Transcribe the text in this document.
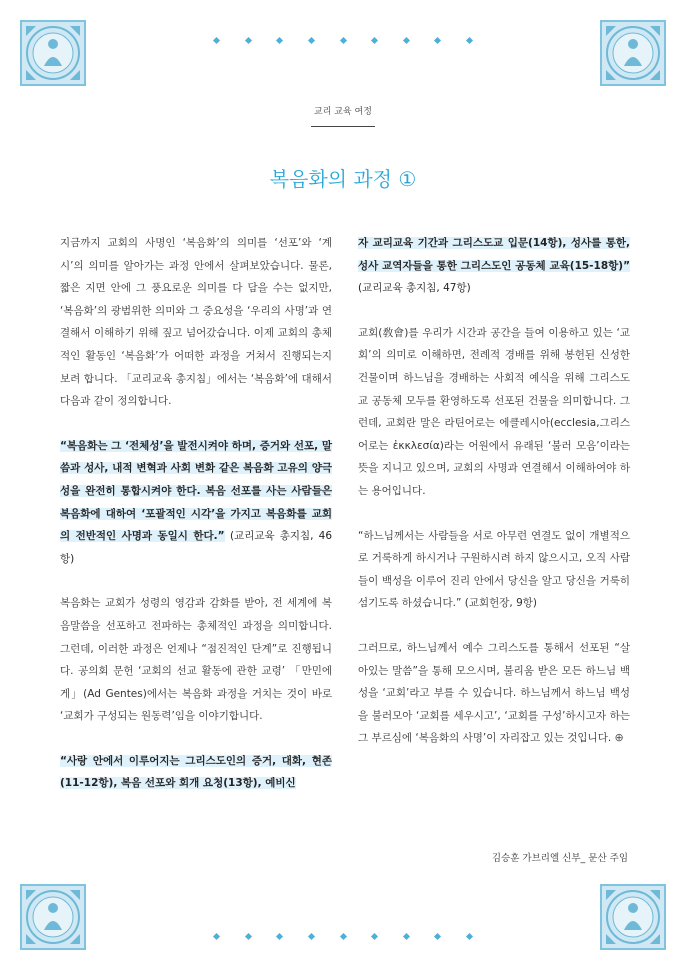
교리 교육 여정
복음화의 과정 ①

지금까지 교회의 사명인 ‘복음화’의 의미를 ‘선포’와 ‘계시’의 의미를 알아가는 과정 안에서 살펴보았습니다. 물론, 짧은 지면 안에 그 풍요로운 의미를 다 담을 수는 없지만, ‘복음화’의 광범위한 의미와 그 중요성을 ‘우리의 사명’과 연결해서 이해하기 위해 짚고 넘어갔습니다. 이제 교회의 총체적인 활동인 ‘복음화’가 어떠한 과정을 거쳐서 진행되는지 보려 합니다. 「교리교육 총지침」에서는 ‘복음화’에 대해서 다음과 같이 정의합니다.

“복음화는 그 ‘전체성’을 발전시켜야 하며, 증거와 선포, 말씀과 성사, 내적 변혁과 사회 변화 같은 복음화 고유의 양극성을 완전히 통합시켜야 한다. 복음 선포를 사는 사람들은 복음화에 대하여 ‘포괄적인 시각’을 가지고 복음화를 교회의 전반적인 사명과 동일시 한다.” (교리교육 총지침, 46항)

복음화는 교회가 성령의 영감과 감화를 받아, 전 세계에 복음말씀을 선포하고 전파하는 총체적인 과정을 의미합니다. 그런데, 이러한 과정은 언제나 “점진적인 단계”로 진행됩니다. 공의회 문헌 ‘교회의 선교 활동에 관한 교령’ 「만민에게」(Ad Gentes)에서는 복음화 과정을 거치는 것이 바로 ‘교회가 구성되는 원동력’임을 이야기합니다.

“사랑 안에서 이루어지는 그리스도인의 증거, 대화, 현존(11-12항), 복음 선포와 회개 요청(13항), 예비신

자 교리교육 기간과 그리스도교 입문(14항), 성사를 통한, 성사 교역자들을 통한 그리스도인 공동체 교육(15-18항)” (교리교육 총지침, 47항)

교회(敎會)를 우리가 시간과 공간을 들여 이용하고 있는 ‘교회’의 의미로 이해하면, 전례적 경배를 위해 봉헌된 신성한 건물이며 하느님을 경배하는 사회적 예식을 위해 그리스도교 공동체 모두를 환영하도록 선포된 건물을 의미합니다. 그런데, 교회란 말은 라틴어로는 에클레시아(ecclesia,그리스어로는 ἐκκλεσία)라는 어원에서 유래된 ‘불러 모음’이라는 뜻을 지니고 있으며, 교회의 사명과 연결해서 이해하여야 하는 용어입니다.

“하느님께서는 사람들을 서로 아무런 연결도 없이 개별적으로 거룩하게 하시거나 구원하시려 하지 않으시고, 오직 사람들이 백성을 이루어 진리 안에서 당신을 알고 당신을 거룩히 섬기도록 하셨습니다.” (교회헌장, 9항)

그러므로, 하느님께서 예수 그리스도를 통해서 선포된 “살아있는 말씀”을 통해 모으시며, 불리움 받은 모든 하느님 백성을 ‘교회’라고 부를 수 있습니다. 하느님께서 하느님 백성을 불러모아 ‘교회를 세우시고’, ‘교회를 구성’하시고자 하는 그 부르심에 ‘복음화의 사명’이 자리잡고 있는 것입니다. ⊕

김승훈 가브리엘 신부_ 문산 주임
